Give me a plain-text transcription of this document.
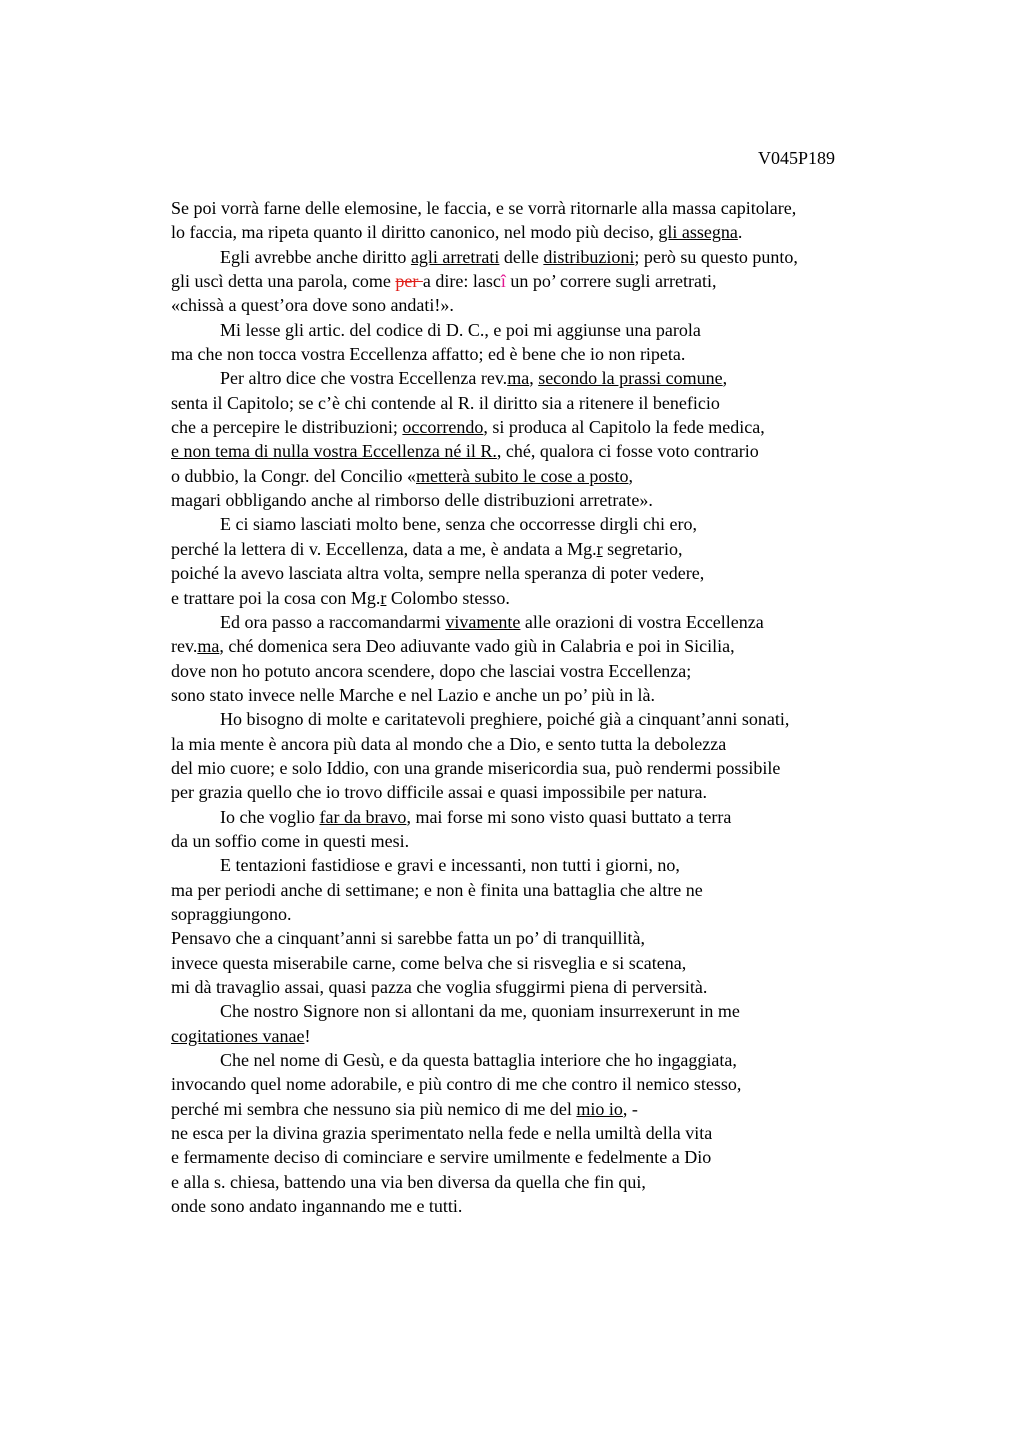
V045P189
Se poi vorrà farne delle elemosine, le faccia, e se vorrà ritornarle alla massa capitolare,
lo faccia, ma ripeta quanto il diritto canonico, nel modo più deciso, gli assegna.
Egli avrebbe anche diritto agli arretrati delle distribuzioni; però su questo punto,
gli uscì detta una parola, come per a dire: lascî un po’ correre sugli arretrati,
«chissà a quest’ora dove sono andati!».
Mi lesse gli artic. del codice di D. C., e poi mi aggiunse una parola
ma che non tocca vostra Eccellenza affatto; ed è bene che io non ripeta.
Per altro dice che vostra Eccellenza rev.ma, secondo la prassi comune,
senta il Capitolo; se c’è chi contende al R. il diritto sia a ritenere il beneficio
che a percepire le distribuzioni; occorrendo, si produca al Capitolo la fede medica,
e non tema di nulla vostra Eccellenza né il R., ché, qualora ci fosse voto contrario
o dubbio, la Congr. del Concilio «metterà subito le cose a posto,
magari obbligando anche al rimborso delle distribuzioni arretrate».
E ci siamo lasciati molto bene, senza che occorresse dirgli chi ero,
perché la lettera di v. Eccellenza, data a me, è andata a Mg.r segretario,
poiché la avevo lasciata altra volta, sempre nella speranza di poter vedere,
e trattare poi la cosa con Mg.r Colombo stesso.
Ed ora passo a raccomandarmi vivamente alle orazioni di vostra Eccellenza
rev.ma, ché domenica sera Deo adiuvante vado giù in Calabria e poi in Sicilia,
dove non ho potuto ancora scendere, dopo che lasciai vostra Eccellenza;
sono stato invece nelle Marche e nel Lazio e anche un po’ più in là.
Ho bisogno di molte e caritatevoli preghiere, poiché già a cinquant’anni sonati,
la mia mente è ancora più data al mondo che a Dio, e sento tutta la debolezza
del mio cuore; e solo Iddio, con una grande misericordia sua, può rendermi possibile
per grazia quello che io trovo difficile assai e quasi impossibile per natura.
Io che voglio far da bravo, mai forse mi sono visto quasi buttato a terra
da un soffio come in questi mesi.
E tentazioni fastidiose e gravi e incessanti, non tutti i giorni, no,
ma per periodi anche di settimane; e non è finita una battaglia che altre ne
sopraggiungono.
Pensavo che a cinquant’anni si sarebbe fatta un po’ di tranquillità,
invece questa miserabile carne, come belva che si risveglia e si scatena,
mi dà travaglio assai, quasi pazza che voglia sfuggirmi piena di perversità.
Che nostro Signore non si allontani da me, quoniam insurrexerunt in me
cogitationes vanae!
Che nel nome di Gesù, e da questa battaglia interiore che ho ingaggiata,
invocando quel nome adorabile, e più contro di me che contro il nemico stesso,
perché mi sembra che nessuno sia più nemico di me del mio io, -
ne esca per la divina grazia sperimentato nella fede e nella umiltà della vita
e fermamente deciso di cominciare e servire umilmente e fedelmente a Dio
e alla s. chiesa, battendo una via ben diversa da quella che fin qui,
onde sono andato ingannando me e tutti.
